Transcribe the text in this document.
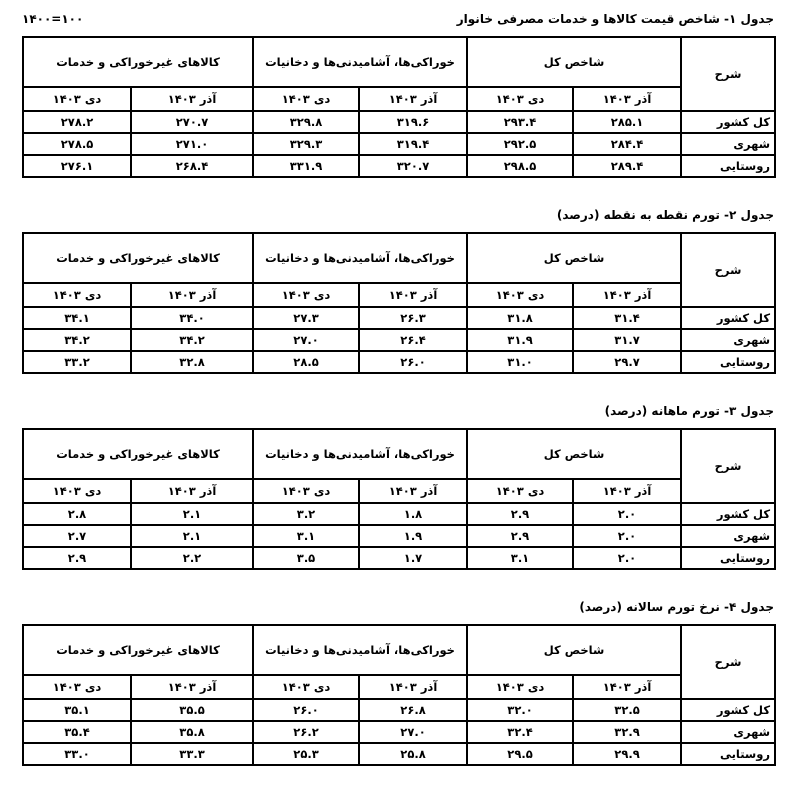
جدول ۱- شاخص قیمت کالاها و خدمات مصرفی خانوار
۱۴۰۰=۱۰۰
شرح	شاخص کل		خوراکی‌ها، آشامیدنی‌ها و دخانیات		کالاهای غیرخوراکی و خدمات	
	آذر ۱۴۰۳	دی ۱۴۰۳	آذر ۱۴۰۳	دی ۱۴۰۳	آذر ۱۴۰۳	دی ۱۴۰۳
کل کشور	۲۸۵.۱	۲۹۳.۴	۳۱۹.۶	۳۲۹.۸	۲۷۰.۷	۲۷۸.۲
شهری	۲۸۴.۴	۲۹۲.۵	۳۱۹.۴	۳۲۹.۳	۲۷۱.۰	۲۷۸.۵
روستایی	۲۸۹.۴	۲۹۸.۵	۳۲۰.۷	۳۳۱.۹	۲۶۸.۴	۲۷۶.۱
جدول ۲- تورم نقطه به نقطه (درصد)
شرح	شاخص کل		خوراکی‌ها، آشامیدنی‌ها و دخانیات		کالاهای غیرخوراکی و خدمات	
	آذر ۱۴۰۳	دی ۱۴۰۳	آذر ۱۴۰۳	دی ۱۴۰۳	آذر ۱۴۰۳	دی ۱۴۰۳
کل کشور	۳۱.۴	۳۱.۸	۲۶.۳	۲۷.۳	۳۴.۰	۳۴.۱
شهری	۳۱.۷	۳۱.۹	۲۶.۴	۲۷.۰	۳۴.۲	۳۴.۲
روستایی	۲۹.۷	۳۱.۰	۲۶.۰	۲۸.۵	۳۲.۸	۳۳.۲
جدول ۳- تورم ماهانه (درصد)
شرح	شاخص کل		خوراکی‌ها، آشامیدنی‌ها و دخانیات		کالاهای غیرخوراکی و خدمات	
	آذر ۱۴۰۳	دی ۱۴۰۳	آذر ۱۴۰۳	دی ۱۴۰۳	آذر ۱۴۰۳	دی ۱۴۰۳
کل کشور	۲.۰	۲.۹	۱.۸	۳.۲	۲.۱	۲.۸
شهری	۲.۰	۲.۹	۱.۹	۳.۱	۲.۱	۲.۷
روستایی	۲.۰	۳.۱	۱.۷	۳.۵	۲.۲	۲.۹
جدول ۴- نرخ تورم سالانه (درصد)
شرح	شاخص کل		خوراکی‌ها، آشامیدنی‌ها و دخانیات		کالاهای غیرخوراکی و خدمات	
	آذر ۱۴۰۳	دی ۱۴۰۳	آذر ۱۴۰۳	دی ۱۴۰۳	آذر ۱۴۰۳	دی ۱۴۰۳
کل کشور	۳۲.۵	۳۲.۰	۲۶.۸	۲۶.۰	۳۵.۵	۳۵.۱
شهری	۳۲.۹	۳۲.۴	۲۷.۰	۲۶.۲	۳۵.۸	۳۵.۴
روستایی	۲۹.۹	۲۹.۵	۲۵.۸	۲۵.۳	۳۳.۳	۳۳.۰
